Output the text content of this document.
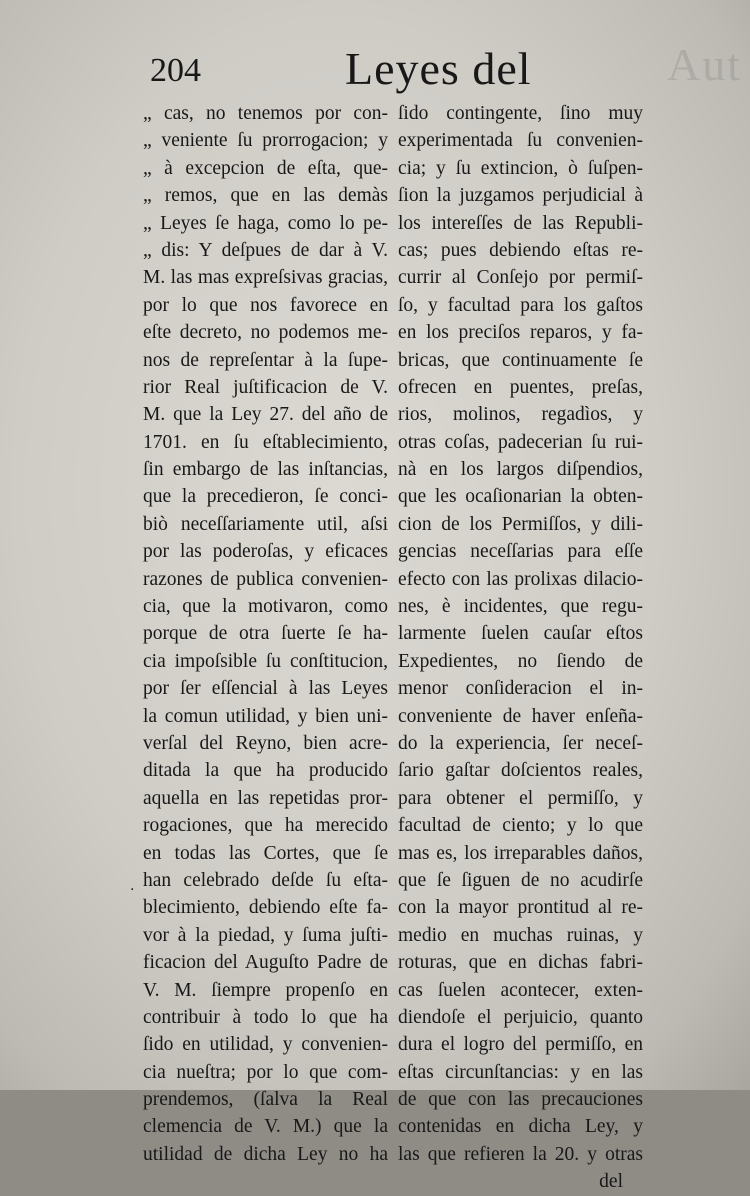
Aut
204	Leyes del
„ cas, no tenemos por con-
„ veniente ſu prorrogacion; y
„ à excepcion de eſta, que-
„ remos, que en las demàs
„ Leyes ſe haga, como lo pe-
„ dis: Y deſpues de dar à V.
M. las mas expreſsivas gracias,
por lo que nos favorece en
eſte decreto, no podemos me-
nos de repreſentar à la ſupe-
rior Real juſtificacion de V.
M. que la Ley 27. del año de
1701. en ſu eſtablecimiento,
ſin embargo de las inſtancias,
que la precedieron, ſe conci-
biò neceſſariamente util, aſsi
por las poderoſas, y eficaces
razones de publica convenien-
cia, que la motivaron, como
porque de otra ſuerte ſe ha-
cia impoſsible ſu conſtitucion,
por ſer eſſencial à las Leyes
la comun utilidad, y bien uni-
verſal del Reyno, bien acre-
ditada la que ha producido
aquella en las repetidas pror-
rogaciones, que ha merecido
en todas las Cortes, que ſe
han celebrado deſde ſu eſta-
blecimiento, debiendo eſte fa-
vor à la piedad, y ſuma juſti-
ficacion del Auguſto Padre de
V. M. ſiempre propenſo en
contribuir à todo lo que ha
ſido en utilidad, y convenien-
cia nueſtra; por lo que com-
prendemos, (ſalva la Real
clemencia de V. M.) que la
utilidad de dicha Ley no ha
ſido contingente, ſino muy
experimentada ſu convenien-
cia; y ſu extincion, ò ſuſpen-
ſion la juzgamos perjudicial à
los intereſſes de las Republi-
cas; pues debiendo eſtas re-
currir al Conſejo por permiſ-
ſo, y facultad para los gaſtos
en los preciſos reparos, y fa-
bricas, que continuamente ſe
ofrecen en puentes, preſas,
rios, molinos, regadìos, y
otras coſas, padecerian ſu rui-
nà en los largos diſpendios,
que les ocaſionarian la obten-
cion de los Permiſſos, y dili-
gencias neceſſarias para eſſe
efecto con las prolixas dilacio-
nes, è incidentes, que regu-
larmente ſuelen cauſar eſtos
Expedientes, no ſiendo de
menor conſideracion el in-
conveniente de haver enſeña-
do la experiencia, ſer neceſ-
ſario gaſtar doſcientos reales,
para obtener el permiſſo, y
facultad de ciento; y lo que
mas es, los irreparables daños,
que ſe ſiguen de no acudirſe
con la mayor prontitud al re-
medio en muchas ruinas, y
roturas, que en dichas fabri-
cas ſuelen acontecer, exten-
diendoſe el perjuicio, quanto
dura el logro del permiſſo, en
eſtas circunſtancias: y en las
de que con las precauciones
contenidas en dicha Ley, y
las que refieren la 20. y otras
del
·
